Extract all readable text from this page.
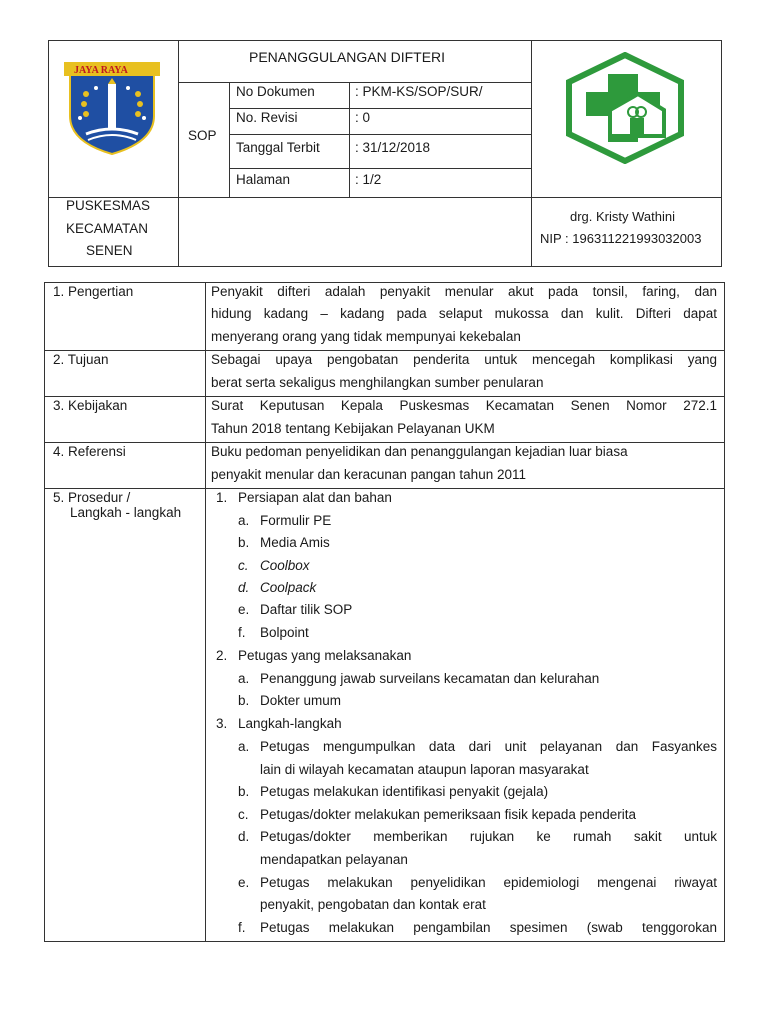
JAYA RAYA
PENANGGULANGAN DIFTERI
SOP
No Dokumen	: PKM-KS/SOP/SUR/
No. Revisi	: 0
Tanggal Terbit	: 31/12/2018
Halaman	: 1/2
PUSKESMAS
KECAMATAN
SENEN
drg. Kristy Wathini
NIP : 196311221993032003
1. Pengertian	Penyakit difteri adalah penyakit menular akut pada tonsil, faring, dan
hidung kadang – kadang pada selaput mukossa dan kulit. Difteri dapat
menyerang orang yang tidak mempunyai kekebalan
2. Tujuan	Sebagai upaya pengobatan penderita untuk mencegah komplikasi yang
berat serta sekaligus menghilangkan sumber penularan
3. Kebijakan	Surat Keputusan Kepala Puskesmas Kecamatan Senen Nomor 272.1
Tahun 2018 tentang Kebijakan Pelayanan UKM
4. Referensi	Buku pedoman penyelidikan dan penanggulangan kejadian luar biasa
penyakit menular dan keracunan pangan tahun 2011
5. Prosedur /
Langkah - langkah
1. Persiapan alat dan bahan
a. Formulir PE
b. Media Amis
c. Coolbox
d. Coolpack
e. Daftar tilik SOP
f. Bolpoint
2. Petugas yang melaksanakan
a. Penanggung jawab surveilans kecamatan dan kelurahan
b. Dokter umum
3. Langkah-langkah
a. Petugas mengumpulkan data dari unit pelayanan dan Fasyankes
lain di wilayah kecamatan ataupun laporan masyarakat
b. Petugas melakukan identifikasi penyakit (gejala)
c. Petugas/dokter melakukan pemeriksaan fisik kepada penderita
d. Petugas/dokter memberikan rujukan ke rumah sakit untuk
mendapatkan pelayanan
e. Petugas melakukan penyelidikan epidemiologi mengenai riwayat
penyakit, pengobatan dan kontak erat
f. Petugas melakukan pengambilan spesimen (swab tenggorokan
